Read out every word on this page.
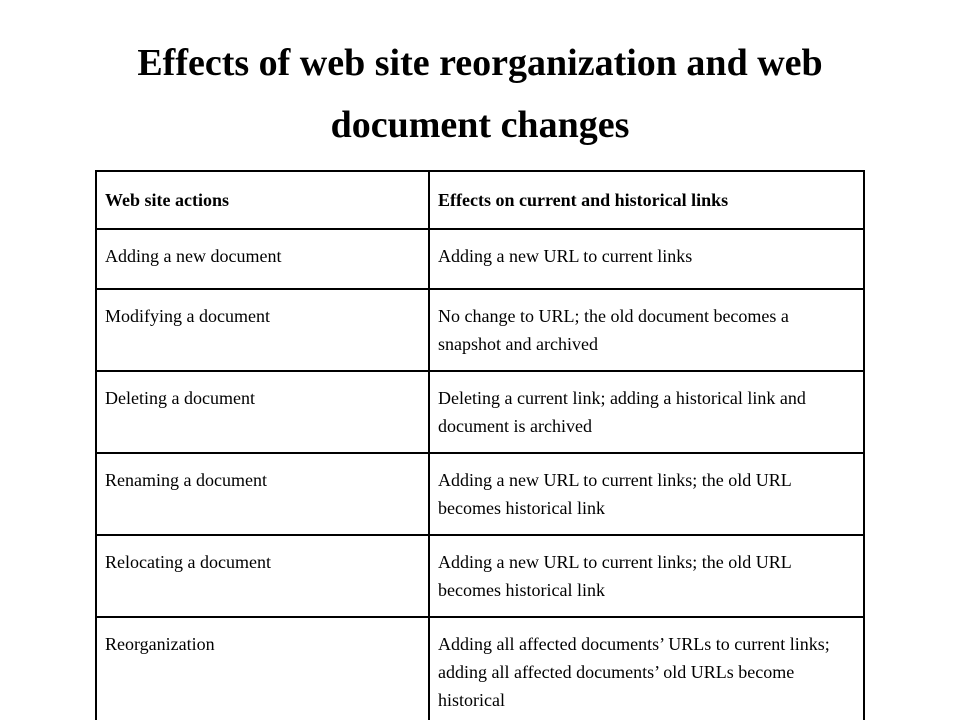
Effects of web site reorganization and web
document changes
Web site actions	Effects on current and historical links
Adding a new document	Adding a new URL to current links
Modifying a document	No change to URL; the old document becomes a snapshot and archived
Deleting a document	Deleting a current link; adding a historical link and document is archived
Renaming a document	Adding a new URL to current links; the old URL becomes historical link
Relocating a document	Adding a new URL to current links; the old URL becomes historical link
Reorganization	Adding all affected documents’ URLs to current links; adding all affected documents’ old URLs become historical
